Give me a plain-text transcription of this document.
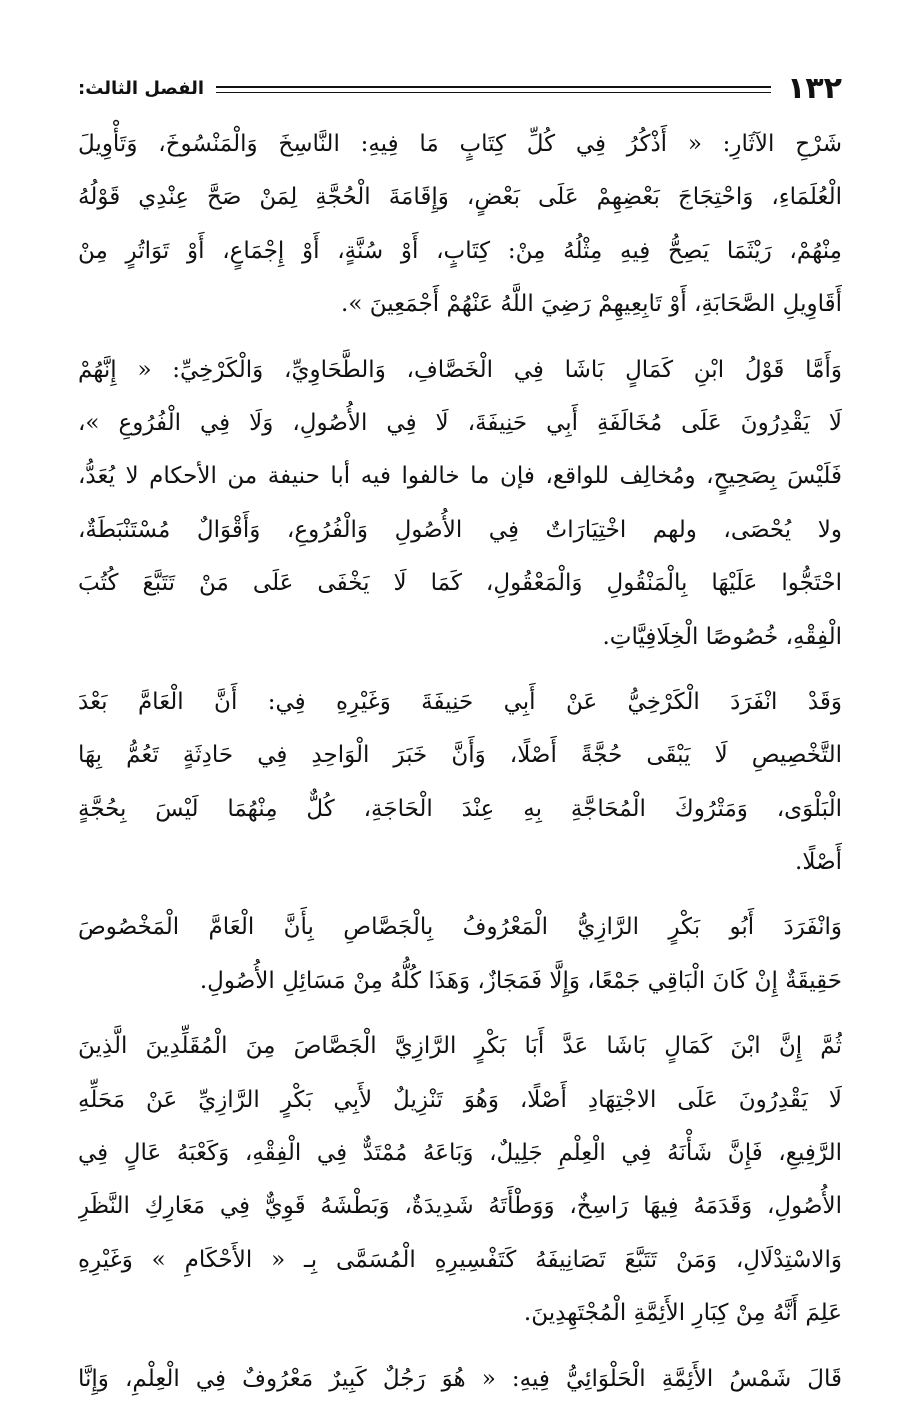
١٣٢
الفصل الثالث:
شَرْحِ الآثَارِ: « أَذْكُرُ فِي كُلِّ كِتَابٍ مَا فِيهِ: النَّاسِخَ وَالْمَنْسُوخَ، وَتَأْوِيلَ
الْعُلَمَاءِ، وَاحْتِجَاجَ بَعْضِهِمْ عَلَى بَعْضٍ، وَإِقَامَةَ الْحُجَّةِ لِمَنْ صَحَّ عِنْدِي قَوْلُهُ
مِنْهُمْ، رَيْثَمَا يَصِحُّ فِيهِ مِثْلُهُ مِنْ: كِتَابٍ، أَوْ سُنَّةٍ، أَوْ إِجْمَاعٍ، أَوْ تَوَاتُرٍ مِنْ
أَقَاوِيلِ الصَّحَابَةِ، أَوْ تَابِعِيهِمْ رَضِيَ اللَّهُ عَنْهُمْ أَجْمَعِينَ ».
وَأَمَّا قَوْلُ ابْنِ كَمَالٍ بَاشَا فِي الْخَصَّافِ، وَالطَّحَاوِيِّ، وَالْكَرْخِيِّ: « إِنَّهُمْ
لَا يَقْدِرُونَ عَلَى مُخَالَفَةِ أَبِي حَنِيفَةَ، لَا فِي الأُصُولِ، وَلَا فِي الْفُرُوعِ »،
فَلَيْسَ بِصَحِيحٍ، ومُخالِف للواقع، فإن ما خالفوا فيه أبا حنيفة من الأحكام لا يُعَدُّ،
ولا يُحْصَى، ولهم اخْتِيَارَاتٌ فِي الأُصُولِ وَالْفُرُوعِ، وَأَقْوَالٌ مُسْتَنْبَطَةٌ،
احْتَجُّوا عَلَيْهَا بِالْمَنْقُولِ وَالْمَعْقُولِ، كَمَا لَا يَخْفَى عَلَى مَنْ تَتَبَّعَ كُتُبَ
الْفِقْهِ، خُصُوصًا الْخِلَافِيَّاتِ.
وَقَدْ انْفَرَدَ الْكَرْخِيُّ عَنْ أَبِي حَنِيفَةَ وَغَيْرِهِ فِي: أَنَّ الْعَامَّ بَعْدَ
التَّخْصِيصِ لَا يَبْقَى حُجَّةً أَصْلًا، وَأَنَّ خَبَرَ الْوَاحِدِ فِي حَادِثَةٍ تَعُمُّ بِهَا
الْبَلْوَى، وَمَتْرُوكَ الْمُحَاجَّةِ بِهِ عِنْدَ الْحَاجَةِ، كُلٌّ مِنْهُمَا لَيْسَ بِحُجَّةٍ
أَصْلًا.
وَانْفَرَدَ أَبُو بَكْرٍ الرَّازِيُّ الْمَعْرُوفُ بِالْجَصَّاصِ بِأَنَّ الْعَامَّ الْمَخْصُوصَ
حَقِيقَةٌ إِنْ كَانَ الْبَاقِي جَمْعًا، وَإِلَّا فَمَجَازٌ، وَهَذَا كُلُّهُ مِنْ مَسَائِلِ الأُصُولِ.
ثُمَّ إِنَّ ابْنَ كَمَالٍ بَاشَا عَدَّ أَبَا بَكْرٍ الرَّازِيَّ الْجَصَّاصَ مِنَ الْمُقَلِّدِينَ الَّذِينَ
لَا يَقْدِرُونَ عَلَى الاجْتِهَادِ أَصْلًا، وَهُوَ تَنْزِيلٌ لأَبِي بَكْرٍ الرَّازِيِّ عَنْ مَحَلِّهِ
الرَّفِيعِ، فَإِنَّ شَأْنَهُ فِي الْعِلْمِ جَلِيلٌ، وَبَاعَهُ مُمْتَدٌّ فِي الْفِقْهِ، وَكَعْبَهُ عَالٍ فِي
الأُصُولِ، وَقَدَمَهُ فِيهَا رَاسِخٌ، وَوَطْأَتَهُ شَدِيدَةٌ، وَبَطْشَهُ قَوِيٌّ فِي مَعَارِكِ النَّظَرِ
وَالاسْتِدْلَالِ، وَمَنْ تَتَبَّعَ تَصَانِيفَهُ كَتَفْسِيرِهِ الْمُسَمَّى بِـ « الأَحْكَامِ » وَغَيْرِهِ
عَلِمَ أَنَّهُ مِنْ كِبَارِ الأَئِمَّةِ الْمُجْتَهِدِينَ.
قَالَ شَمْسُ الأَئِمَّةِ الْحَلْوَائِيُّ فِيهِ: « هُوَ رَجُلٌ كَبِيرٌ مَعْرُوفٌ فِي الْعِلْمِ، وَإِنَّا
